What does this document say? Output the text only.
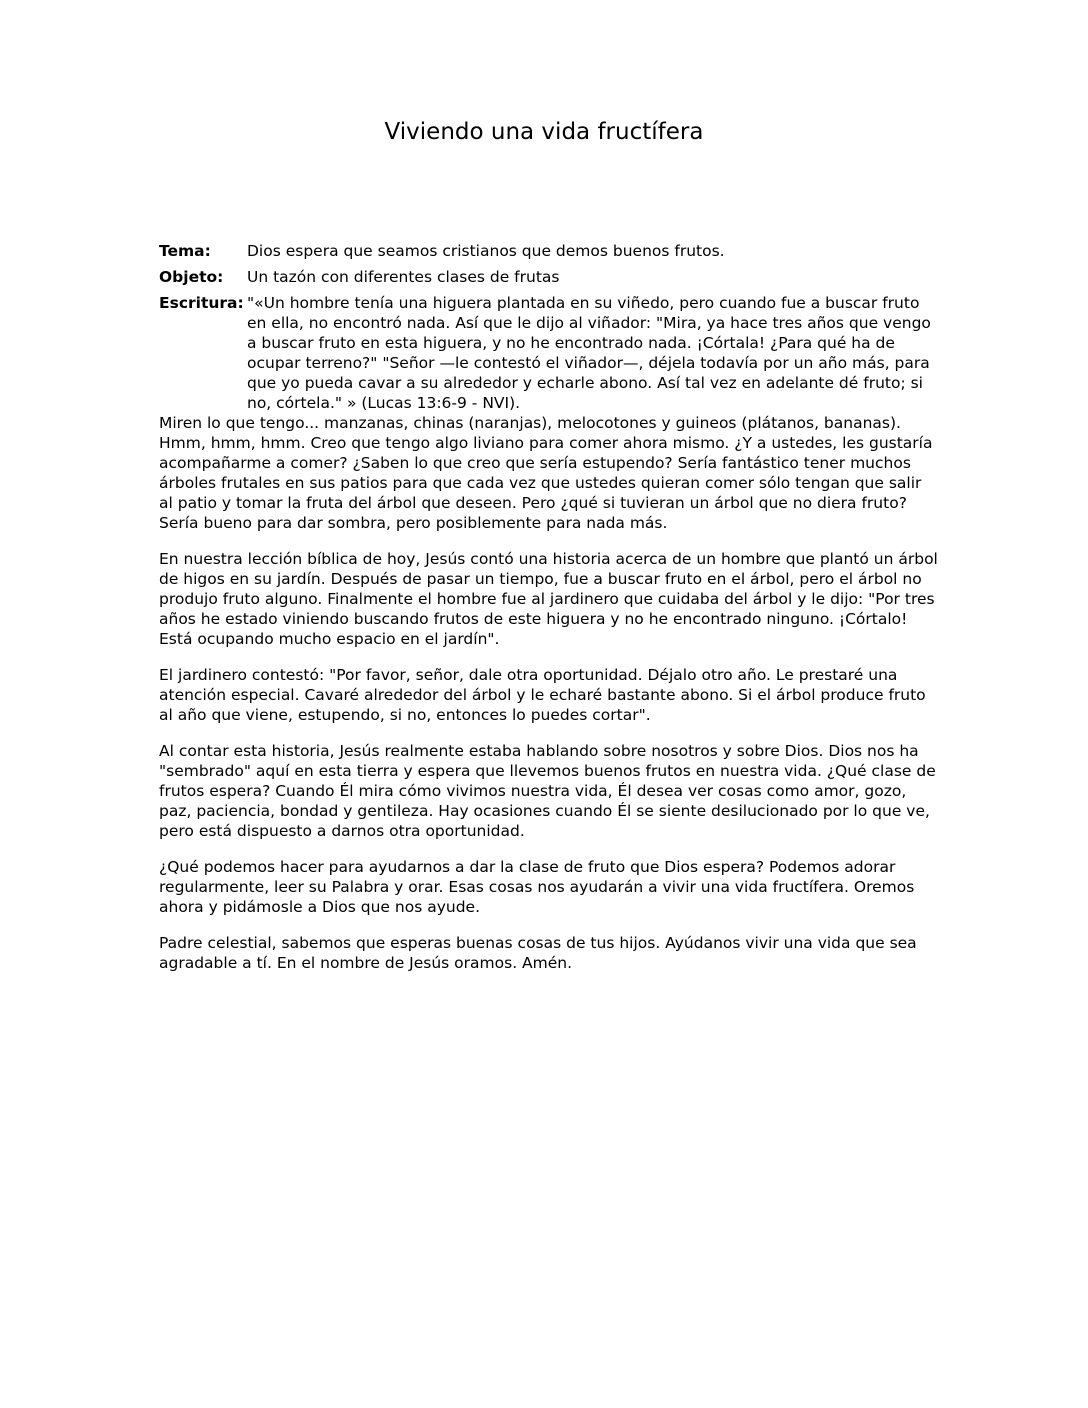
Viviendo una vida fructífera
Tema:	Dios espera que seamos cristianos que demos buenos frutos.
Objeto:	Un tazón con diferentes clases de frutas
Escritura: "«Un hombre tenía una higuera plantada en su viñedo, pero cuando fue a buscar fruto en ella, no encontró nada. Así que le dijo al viñador: "Mira, ya hace tres años que vengo a buscar fruto en esta higuera, y no he encontrado nada. ¡Córtala! ¿Para qué ha de ocupar terreno?" "Señor —le contestó el viñador—, déjela todavía por un año más, para que yo pueda cavar a su alrededor y echarle abono. Así tal vez en adelante dé fruto; si no, córtela." » (Lucas 13:6-9 - NVI).

Miren lo que tengo... manzanas, chinas (naranjas), melocotones y guineos (plátanos, bananas). Hmm, hmm, hmm. Creo que tengo algo liviano para comer ahora mismo. ¿Y a ustedes, les gustaría acompañarme a comer? ¿Saben lo que creo que sería estupendo? Sería fantástico tener muchos árboles frutales en sus patios para que cada vez que ustedes quieran comer sólo tengan que salir al patio y tomar la fruta del árbol que deseen. Pero ¿qué si tuvieran un árbol que no diera fruto? Sería bueno para dar sombra, pero posiblemente para nada más.

En nuestra lección bíblica de hoy, Jesús contó una historia acerca de un hombre que plantó un árbol de higos en su jardín. Después de pasar un tiempo, fue a buscar fruto en el árbol, pero el árbol no produjo fruto alguno. Finalmente el hombre fue al jardinero que cuidaba del árbol y le dijo: "Por tres años he estado viniendo buscando frutos de este higuera y no he encontrado ninguno. ¡Córtalo! Está ocupando mucho espacio en el jardín".

El jardinero contestó: "Por favor, señor, dale otra oportunidad. Déjalo otro año. Le prestaré una atención especial. Cavaré alrededor del árbol y le echaré bastante abono. Si el árbol produce fruto al año que viene, estupendo, si no, entonces lo puedes cortar".

Al contar esta historia, Jesús realmente estaba hablando sobre nosotros y sobre Dios. Dios nos ha "sembrado" aquí en esta tierra y espera que llevemos buenos frutos en nuestra vida. ¿Qué clase de frutos espera? Cuando Él mira cómo vivimos nuestra vida, Él desea ver cosas como amor, gozo, paz, paciencia, bondad y gentileza. Hay ocasiones cuando Él se siente desilucionado por lo que ve, pero está dispuesto a darnos otra oportunidad.

¿Qué podemos hacer para ayudarnos a dar la clase de fruto que Dios espera? Podemos adorar regularmente, leer su Palabra y orar. Esas cosas nos ayudarán a vivir una vida fructífera. Oremos ahora y pidámosle a Dios que nos ayude.

Padre celestial, sabemos que esperas buenas cosas de tus hijos. Ayúdanos vivir una vida que sea agradable a tí. En el nombre de Jesús oramos. Amén.
